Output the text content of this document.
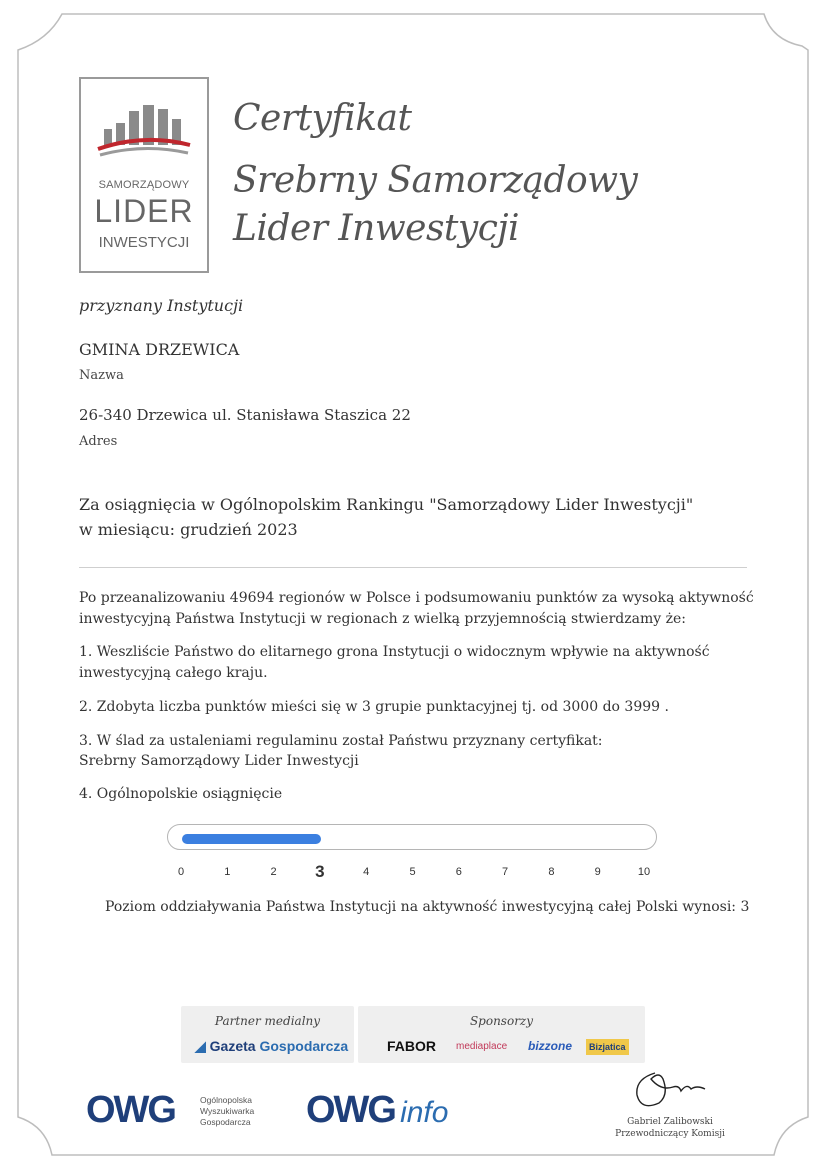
SAMORZĄDOWY
LIDER
INWESTYCJI
Certyfikat
Srebrny Samorządowy
Lider Inwestycji
przyznany Instytucji
GMINA DRZEWICA
Nazwa
26-340 Drzewica ul. Stanisława Staszica 22
Adres
Za osiągnięcia w Ogólnopolskim Rankingu "Samorządowy Lider Inwestycji"
w miesiącu: grudzień 2023
Po przeanalizowaniu 49694 regionów w Polsce i podsumowaniu punktów za wysoką aktywność
inwestycyjną Państwa Instytucji w regionach z wielką przyjemnością stwierdzamy że:
1. Weszliście Państwo do elitarnego grona Instytucji o widocznym wpływie na aktywność
inwestycyjną całego kraju.
2. Zdobyta liczba punktów mieści się w 3 grupie punktacyjnej tj. od 3000 do 3999 .
3. W ślad za ustaleniami regulaminu został Państwu przyznany certyfikat:
Srebrny Samorządowy Lider Inwestycji
4. Ogólnopolskie osiągnięcie
0	1	2	3	4	5	6	7	8	9	10
Poziom oddziaływania Państwa Instytucji na aktywność inwestycyjną całej Polski wynosi: 3
Partner medialny
◢ Gazeta Gospodarcza
Sponsorzy
FABOR mediaplace bizzone	Bizjatica
OWG	Ogólnopolska
Wyszukiwarka
Gospodarcza OWG info	Gabriel Zalibowski
Przewodniczący Komisji
